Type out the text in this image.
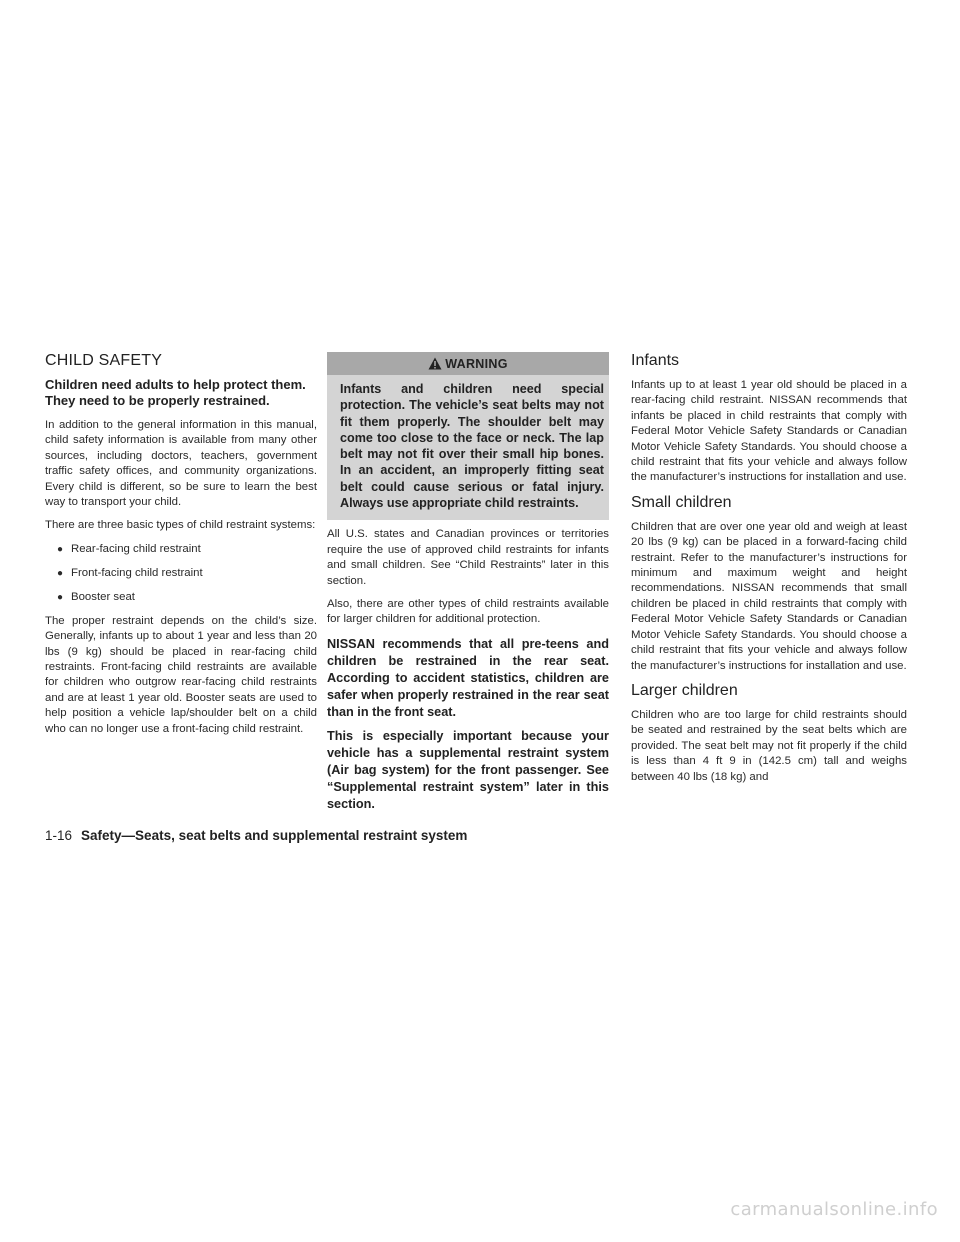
CHILD SAFETY
Children need adults to help protect them. They need to be properly restrained.

In addition to the general information in this manual, child safety information is available from many other sources, including doctors, teachers, government traffic safety offices, and community organizations. Every child is different, so be sure to learn the best way to transport your child.

There are three basic types of child restraint systems:

● Rear-facing child restraint
● Front-facing child restraint
● Booster seat

The proper restraint depends on the child’s size. Generally, infants up to about 1 year and less than 20 lbs (9 kg) should be placed in rear-facing child restraints. Front-facing child restraints are available for children who outgrow rear-facing child restraints and are at least 1 year old. Booster seats are used to help position a vehicle lap/shoulder belt on a child who can no longer use a front-facing child restraint.

WARNING
Infants and children need special protection. The vehicle’s seat belts may not fit them properly. The shoulder belt may come too close to the face or neck. The lap belt may not fit over their small hip bones. In an accident, an improperly fitting seat belt could cause serious or fatal injury. Always use appropriate child restraints.

All U.S. states and Canadian provinces or territories require the use of approved child restraints for infants and small children. See “Child Restraints” later in this section.

Also, there are other types of child restraints available for larger children for additional protection.

NISSAN recommends that all pre-teens and children be restrained in the rear seat. According to accident statistics, children are safer when properly restrained in the rear seat than in the front seat.

This is especially important because your vehicle has a supplemental restraint system (Air bag system) for the front passenger. See “Supplemental restraint system” later in this section.

Infants

Infants up to at least 1 year old should be placed in a rear-facing child restraint. NISSAN recommends that infants be placed in child restraints that comply with Federal Motor Vehicle Safety Standards or Canadian Motor Vehicle Safety Standards. You should choose a child restraint that fits your vehicle and always follow the manufacturer’s instructions for installation and use.

Small children

Children that are over one year old and weigh at least 20 lbs (9 kg) can be placed in a forward-facing child restraint. Refer to the manufacturer’s instructions for minimum and maximum weight and height recommendations. NISSAN recommends that small children be placed in child restraints that comply with Federal Motor Vehicle Safety Standards or Canadian Motor Vehicle Safety Standards. You should choose a child restraint that fits your vehicle and always follow the manufacturer’s instructions for installation and use.

Larger children

Children who are too large for child restraints should be seated and restrained by the seat belts which are provided. The seat belt may not fit properly if the child is less than 4 ft 9 in (142.5 cm) tall and weighs between 40 lbs (18 kg) and

1-16 Safety—Seats, seat belts and supplemental restraint system
carmanualsonline.info
